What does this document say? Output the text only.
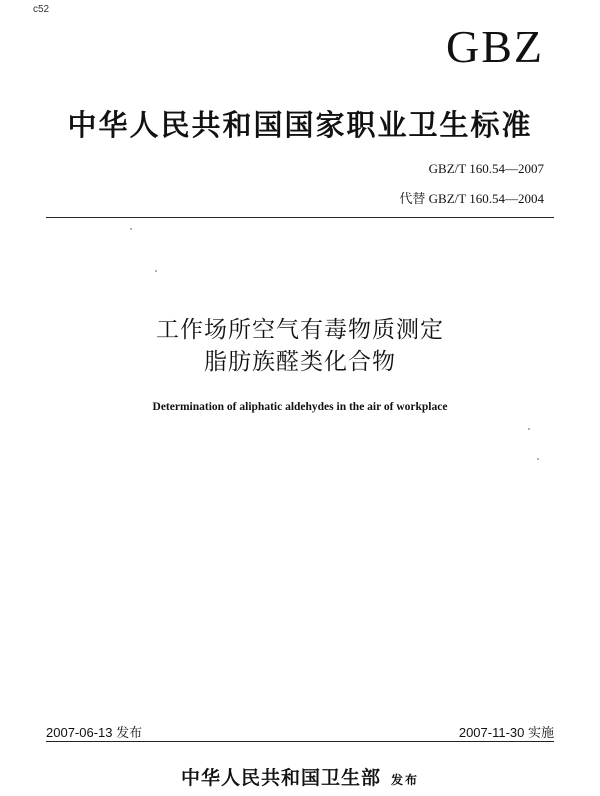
c52
GBZ
中华人民共和国国家职业卫生标准
GBZ/T 160.54—2007
代替 GBZ/T 160.54—2004
工作场所空气有毒物质测定
脂肪族醛类化合物
Determination of aliphatic aldehydes in the air of workplace
2007-06-13 发布	2007-11-30 实施
中华人民共和国卫生部 发布
